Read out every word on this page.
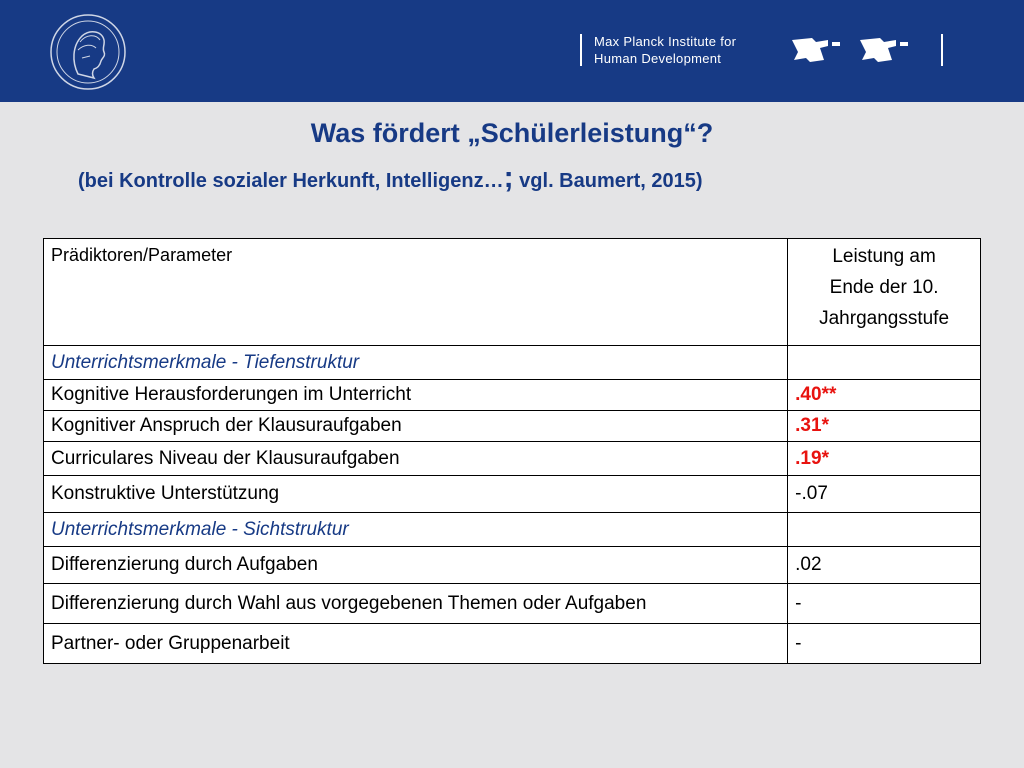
Max Planck Institute for
Human Development
Was fördert „Schülerleistung“?

(bei Kontrolle sozialer Herkunft, Intelligenz…; vgl. Baumert, 2015)

Prädiktoren/Parameter	Leistung am
Ende der 10.
Jahrgangsstufe

Unterrichtsmerkmale - Tiefenstruktur	
Kognitive Herausforderungen im Unterricht	.40**
Kognitiver Anspruch der Klausuraufgaben	.31*
Curriculares Niveau der Klausuraufgaben	.19*
Konstruktive Unterstützung	-.07
Unterrichtsmerkmale - Sichtstruktur	
Differenzierung durch Aufgaben	.02
Differenzierung durch Wahl aus vorgegebenen Themen oder Aufgaben	-
Partner- oder Gruppenarbeit	-
